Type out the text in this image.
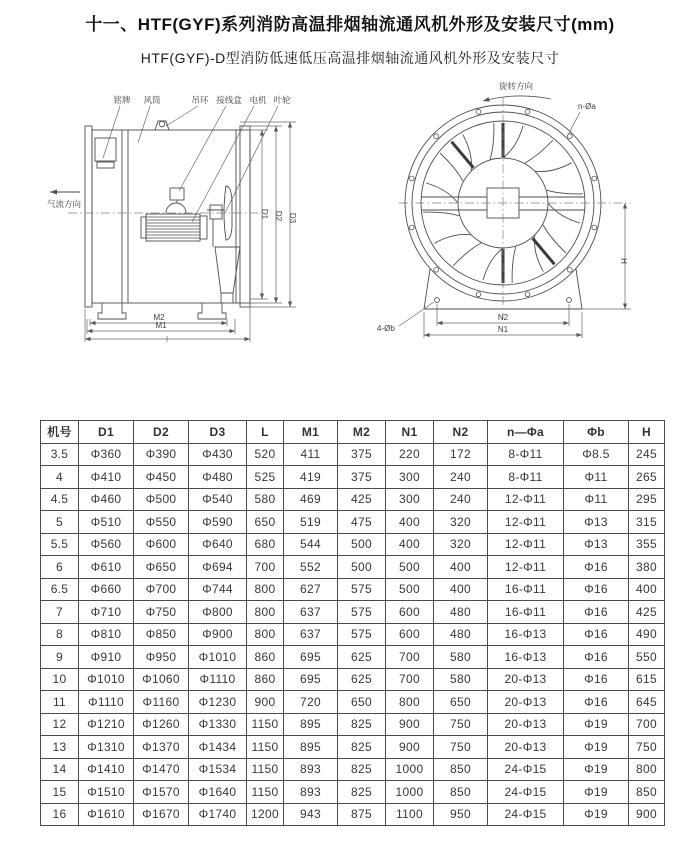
十一、HTF(GYF)系列消防高温排烟轴流通风机外形及安装尺寸(mm)
HTF(GYF)-D型消防低速低压高温排烟轴流通风机外形及安装尺寸
铭牌 风筒	吊环 接线盒 电机 叶轮
气流方向
D1 D2 D3
M2
M1
旋转方向
n-Øa
4-Øb
H
N2
N1
机号	D1	D2	D3	L	M1	M2	N1	N2	n—Φa	Φb	H
3.5	Φ360	Φ390	Φ430	520	411	375	220	172	8-Φ11	Φ8.5	245
4	Φ410	Φ450	Φ480	525	419	375	300	240	8-Φ11	Φ11	265
4.5	Φ460	Φ500	Φ540	580	469	425	300	240	12-Φ11	Φ11	295
5	Φ510	Φ550	Φ590	650	519	475	400	320	12-Φ11	Φ13	315
5.5	Φ560	Φ600	Φ640	680	544	500	400	320	12-Φ11	Φ13	355
6	Φ610	Φ650	Φ694	700	552	500	500	400	12-Φ11	Φ16	380
6.5	Φ660	Φ700	Φ744	800	627	575	500	400	16-Φ11	Φ16	400
7	Φ710	Φ750	Φ800	800	637	575	600	480	16-Φ11	Φ16	425
8	Φ810	Φ850	Φ900	800	637	575	600	480	16-Φ13	Φ16	490
9	Φ910	Φ950	Φ1010	860	695	625	700	580	16-Φ13	Φ16	550
10	Φ1010	Φ1060	Φ1110	860	695	625	700	580	20-Φ13	Φ16	615
11	Φ1110	Φ1160	Φ1230	900	720	650	800	650	20-Φ13	Φ16	645
12	Φ1210	Φ1260	Φ1330	1150	895	825	900	750	20-Φ13	Φ19	700
13	Φ1310	Φ1370	Φ1434	1150	895	825	900	750	20-Φ13	Φ19	750
14	Φ1410	Φ1470	Φ1534	1150	893	825	1000	850	24-Φ15	Φ19	800
15	Φ1510	Φ1570	Φ1640	1150	893	825	1000	850	24-Φ15	Φ19	850
16	Φ1610	Φ1670	Φ1740	1200	943	875	1100	950	24-Φ15	Φ19	900
